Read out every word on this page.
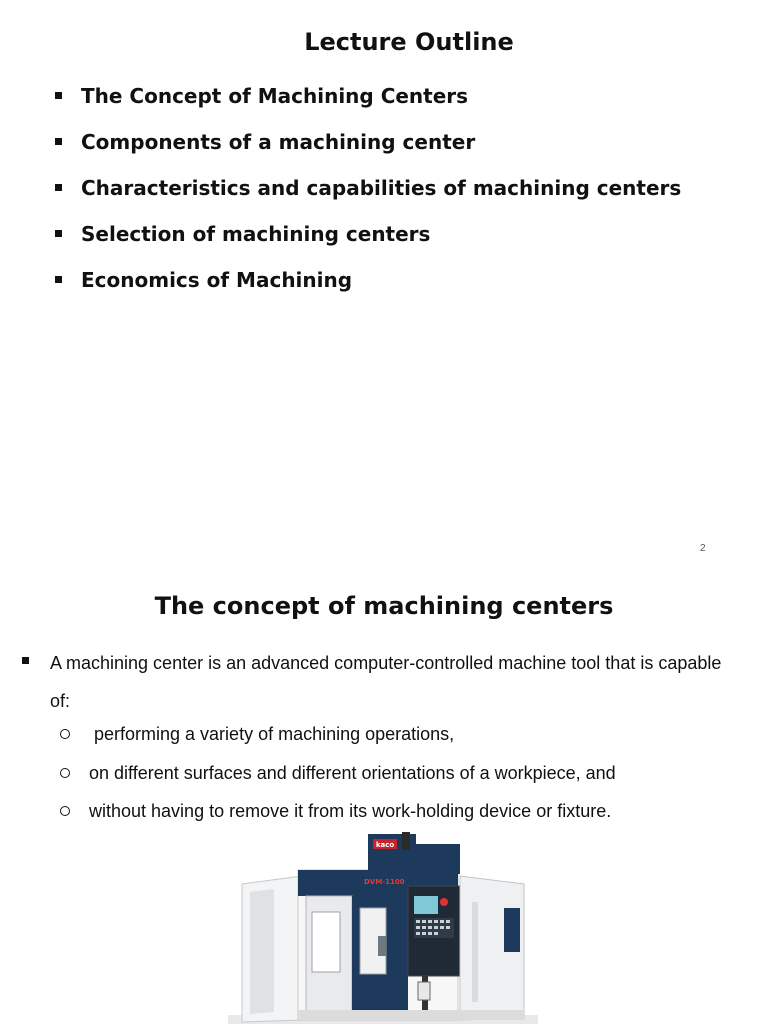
Lecture Outline
The Concept of Machining Centers
Components of a machining center
Characteristics and capabilities of machining centers
Selection of machining centers
Economics of Machining
2
The concept of machining centers
A machining center is an advanced computer-controlled machine tool that is capable of:
performing a variety of machining operations,
on different surfaces and different orientations of a workpiece, and
without having to remove it from its work-holding device or fixture.
kaco
DVM-1100
